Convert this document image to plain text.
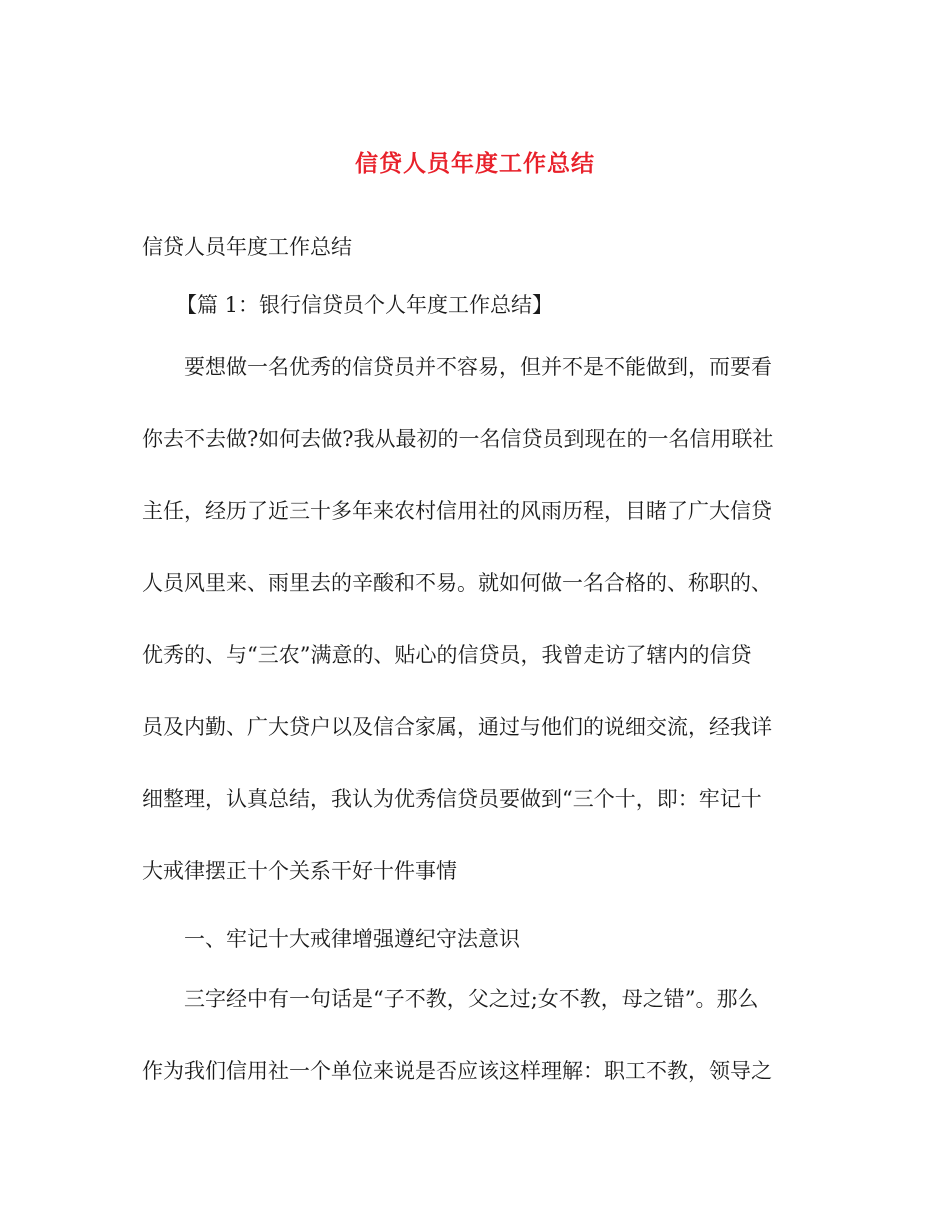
信贷人员年度工作总结

信贷人员年度工作总结

【篇 1：银行信贷员个人年度工作总结】

要想做一名优秀的信贷员并不容易，但并不是不能做到，而要看

你去不去做?如何去做?我从最初的一名信贷员到现在的一名信用联社

主任，经历了近三十多年来农村信用社的风雨历程，目睹了广大信贷

人员风里来、雨里去的辛酸和不易。就如何做一名合格的、称职的、

优秀的、与“三农”满意的、贴心的信贷员，我曾走访了辖内的信贷

员及内勤、广大贷户以及信合家属，通过与他们的说细交流，经我详

细整理，认真总结，我认为优秀信贷员要做到“三个十，即：牢记十

大戒律摆正十个关系干好十件事情

一、牢记十大戒律增强遵纪守法意识

三字经中有一句话是“子不教，父之过;女不教，母之错”。那么

作为我们信用社一个单位来说是否应该这样理解：职工不教，领导之
